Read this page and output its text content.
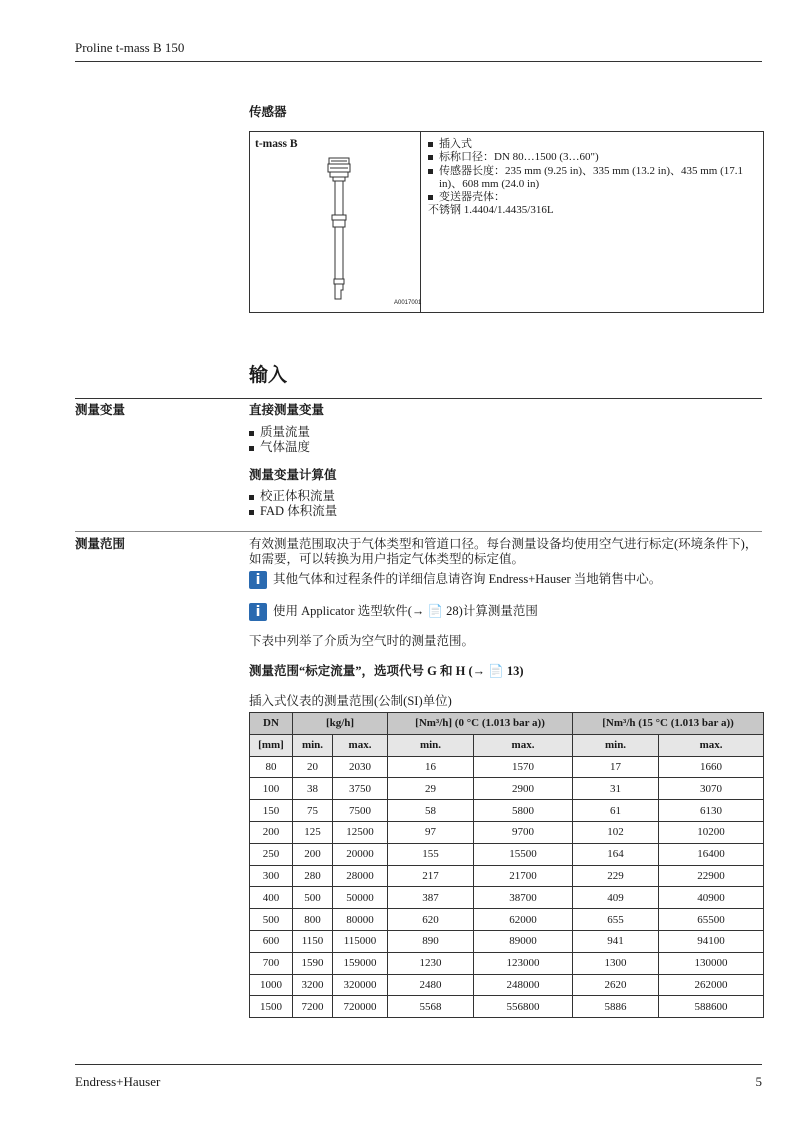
Proline t-mass B 150
传感器
t-mass B
A0017001
插入式
标称口径：DN 80…1500 (3…60")
传感器长度：235 mm (9.25 in)、335 mm (13.2 in)、435 mm (17.1 in)、608 mm (24.0 in)
变送器壳体：
不锈钢 1.4404/1.4435/316L
输入
测量变量	直接测量变量
质量流量
气体温度
测量变量计算值
校正体积流量
FAD 体积流量
测量范围	有效测量范围取决于气体类型和管道口径。每台测量设备均使用空气进行标定(环境条件下)，如需要，可以转换为用户指定气体类型的标定值。
i 其他气体和过程条件的详细信息请咨询 Endress+Hauser 当地销售中心。
i 使用 Applicator 选型软件(→ 📄 28)计算测量范围
下表中列举了介质为空气时的测量范围。
测量范围“标定流量”，选项代号 G 和 H (→ 📄 13)
插入式仪表的测量范围(公制(SI)单位)
DN	[kg/h]		[Nm³/h] (0 °C (1.013 bar a))		[Nm³/h (15 °C (1.013 bar a))	
[mm]	min.	max.	min.	max.	min.	max.
80	20	2030	16	1570	17	1660
100	38	3750	29	2900	31	3070
150	75	7500	58	5800	61	6130
200	125	12500	97	9700	102	10200
250	200	20000	155	15500	164	16400
300	280	28000	217	21700	229	22900
400	500	50000	387	38700	409	40900
500	800	80000	620	62000	655	65500
600	1150	115000	890	89000	941	94100
700	1590	159000	1230	123000	1300	130000
1000	3200	320000	2480	248000	2620	262000
1500	7200	720000	5568	556800	5886	588600
Endress+Hauser	5
